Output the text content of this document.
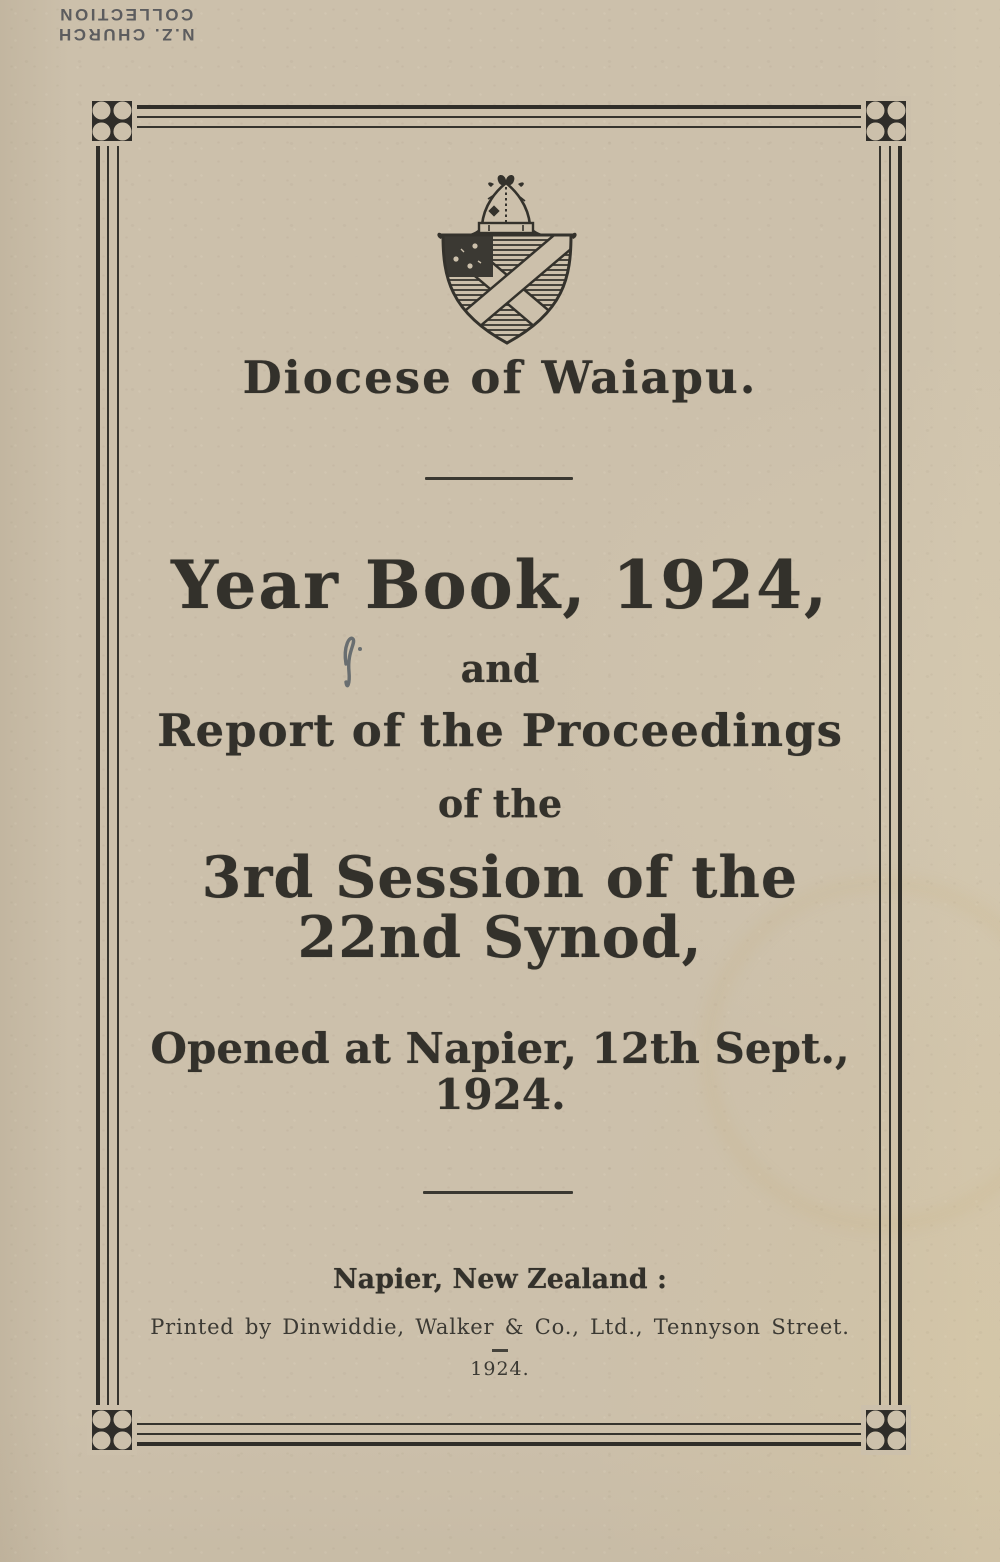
N.Z. CHURCH
COLLECTION
Diocese of Waiapu.
Year Book, 1924,
and
Report of the Proceedings
of the
3rd Session of the
22nd Synod,
Opened at Napier, 12th Sept.,
1924.
Napier, New Zealand :
Printed by Dinwiddie, Walker & Co., Ltd., Tennyson Street.
1924.
